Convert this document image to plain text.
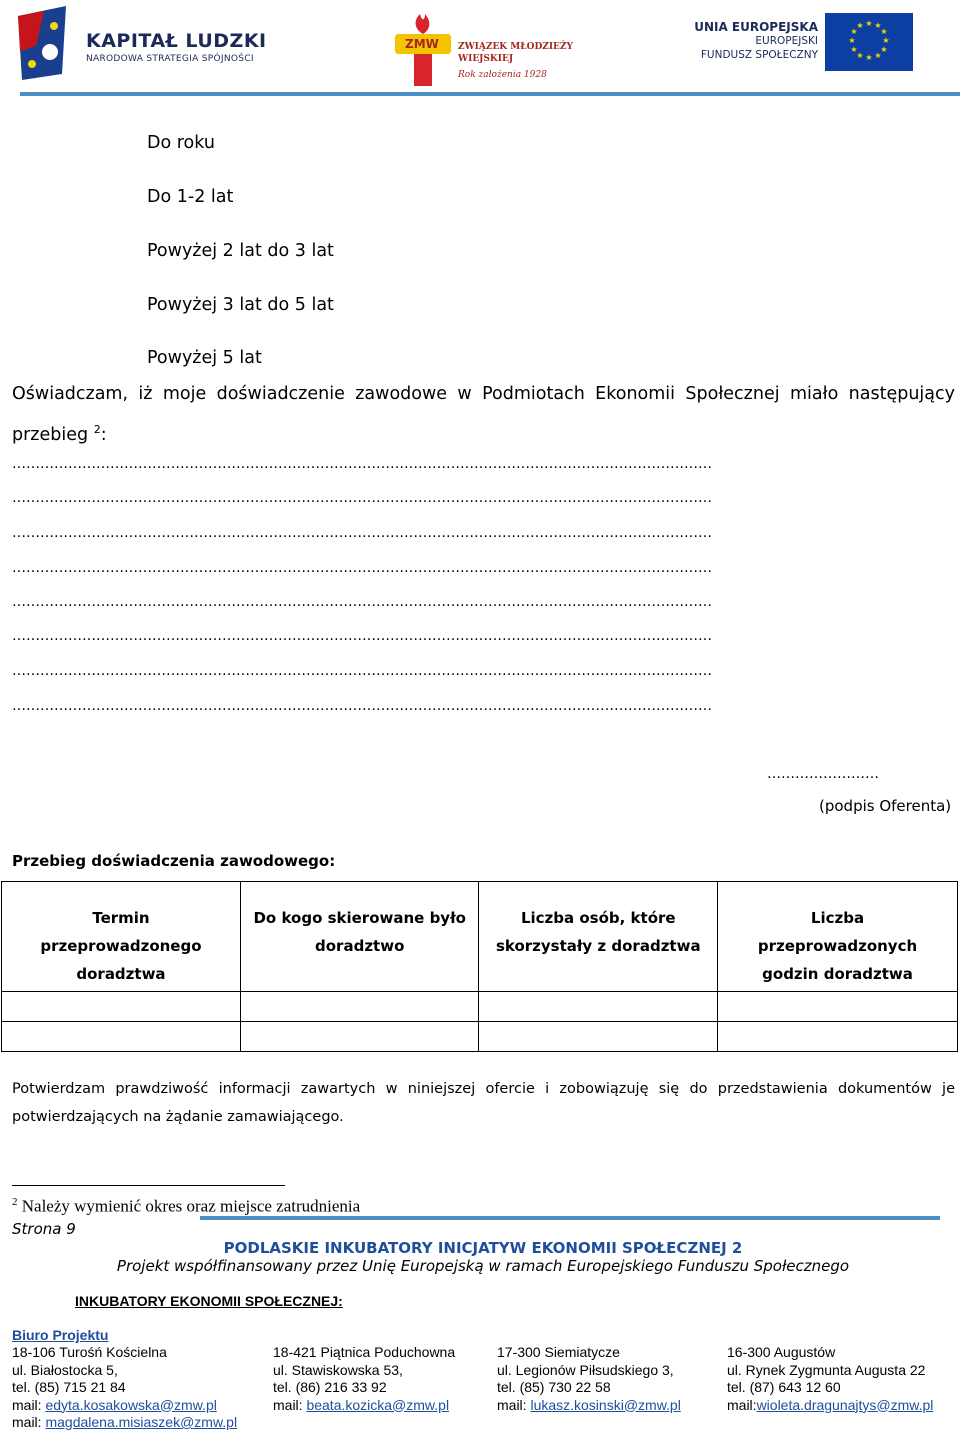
KAPITAŁ LUDZKI
NARODOWA STRATEGIA SPÓJNOŚCI
ZMW ZWIĄZEK MŁODZIEŻY
WIEJSKIEJ
Rok założenia 1928
UNIA EUROPEJSKA
EUROPEJSKI
FUNDUSZ SPOŁECZNY
★ ★
★
★
★
★
★
★
★
★
★
★
Do roku
Do 1-2 lat
Powyżej 2 lat do 3 lat
Powyżej 3 lat do 5 lat
Powyżej 5 lat
Oświadczam, iż moje doświadczenie zawodowe w Podmiotach Ekonomii Społecznej miało następujący przebieg $^2$:
……………………………………………………………………………………………………………………………………
……………………………………………………………………………………………………………………………………
……………………………………………………………………………………………………………………………………
……………………………………………………………………………………………………………………………………
……………………………………………………………………………………………………………………………………
……………………………………………………………………………………………………………………………………
……………………………………………………………………………………………………………………………………
……………………………………………………………………………………………………………………………………
……………………
(podpis Oferenta)
Przebieg doświadczenia zawodowego:
Termin przeprowadzonego doradztwa	Do kogo skierowane było doradztwo	Liczba osób, które skorzystały z doradztwa	Liczba przeprowadzonych godzin doradztwa

Potwierdzam prawdziwość informacji zawartych w niniejszej ofercie i zobowiązuję się do przedstawienia dokumentów je potwierdzających na żądanie zamawiającego.
$^2$ Należy wymienić okres oraz miejsce zatrudnienia
Strona 9
PODLASKIE INKUBATORY INICJATYW EKONOMII SPOŁECZNEJ 2
Projekt współfinansowany przez Unię Europejską w ramach Europejskiego Funduszu Społecznego
INKUBATORY EKONOMII SPOŁECZNEJ:
Biuro Projektu
18-106 Turośń Kościelna
ul. Białostocka 5,
tel. (85) 715 21 84
mail: edyta.kosakowska@zmw.pl
mail: magdalena.misiaszek@zmw.pl
18-421 Piątnica Poduchowna
ul. Stawiskowska 53,
tel. (86) 216 33 92
mail: beata.kozicka@zmw.pl
17-300 Siemiatycze
ul. Legionów Piłsudskiego 3,
tel. (85) 730 22 58
mail: lukasz.kosinski@zmw.pl
16-300 Augustów
ul. Rynek Zygmunta Augusta 22
tel. (87) 643 12 60
mail:wioleta.dragunajtys@zmw.pl
